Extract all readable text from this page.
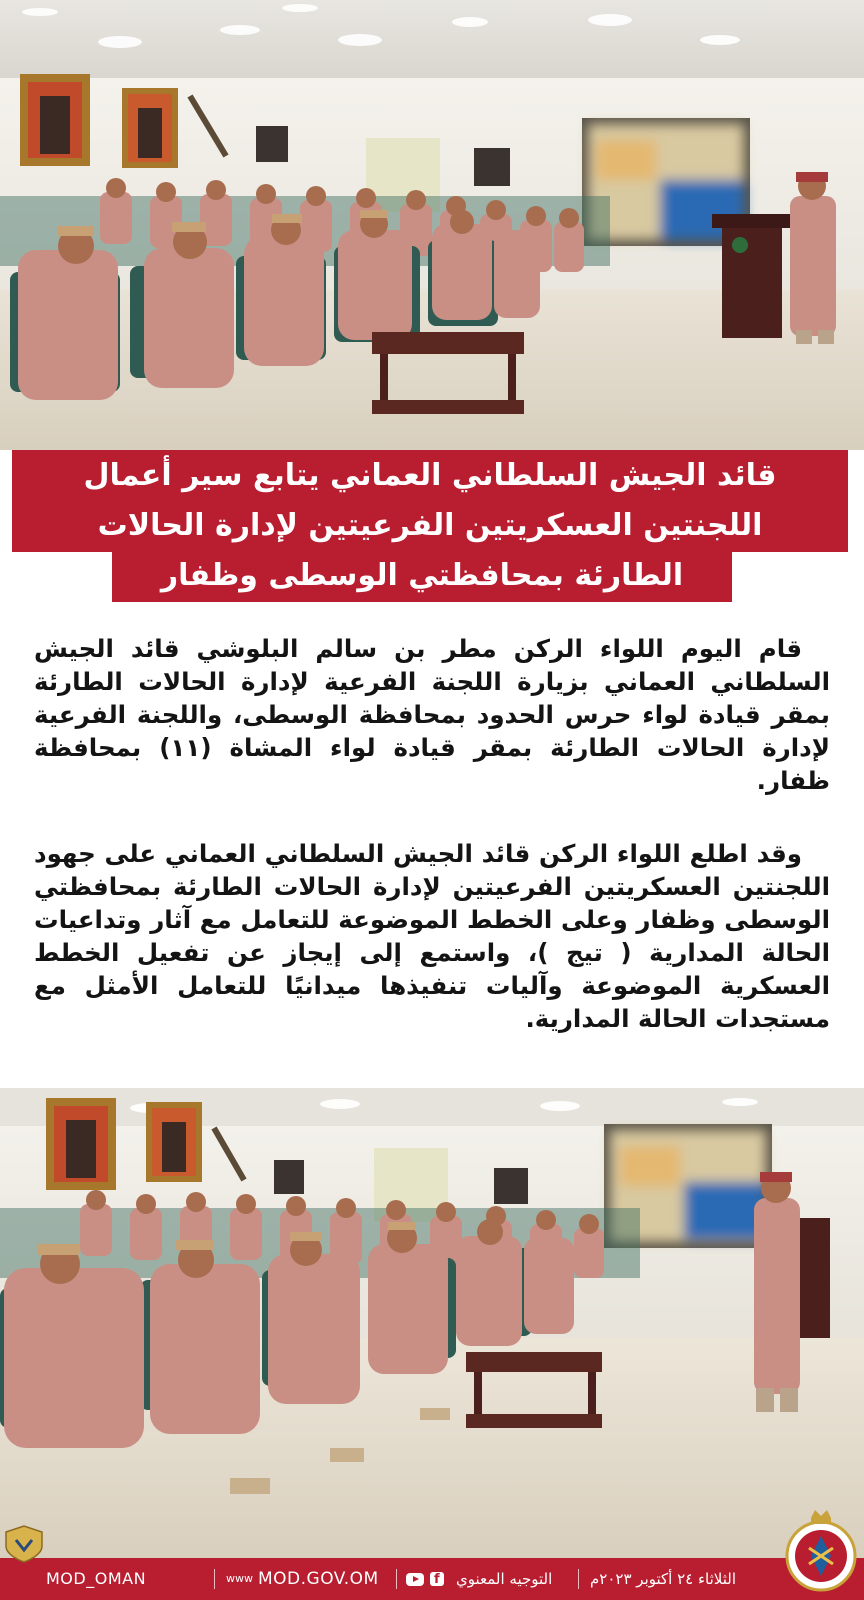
قائد الجيش السلطاني العماني يتابع سير أعمال
اللجنتين العسكريتين الفرعيتين لإدارة الحالات
الطارئة بمحافظتي الوسطى وظفار

قام اليوم اللواء الركن مطر بن سالم البلوشي قائد الجيش السلطاني العماني بزيارة اللجنة الفرعية لإدارة الحالات الطارئة بمقر قيادة لواء حرس الحدود بمحافظة الوسطى، واللجنة الفرعية لإدارة الحالات الطارئة بمقر قيادة لواء المشاة (١١) بمحافظة ظفار.

وقد اطلع اللواء الركن قائد الجيش السلطاني العماني على جهود اللجنتين العسكريتين الفرعيتين لإدارة الحالات الطارئة بمحافظتي الوسطى وظفار وعلى الخطط الموضوعة للتعامل مع آثار وتداعيات الحالة المدارية ( تيج )، واستمع إلى إيجاز عن تفعيل الخطط العسكرية الموضوعة وآليات تنفيذها ميدانيًا للتعامل الأمثل مع مستجدات الحالة المدارية.

MOD_OMAN	www MOD.GOV.OM
f	التوجيه المعنوي	الثلاثاء ٢٤ أكتوبر ٢٠٢٣م
